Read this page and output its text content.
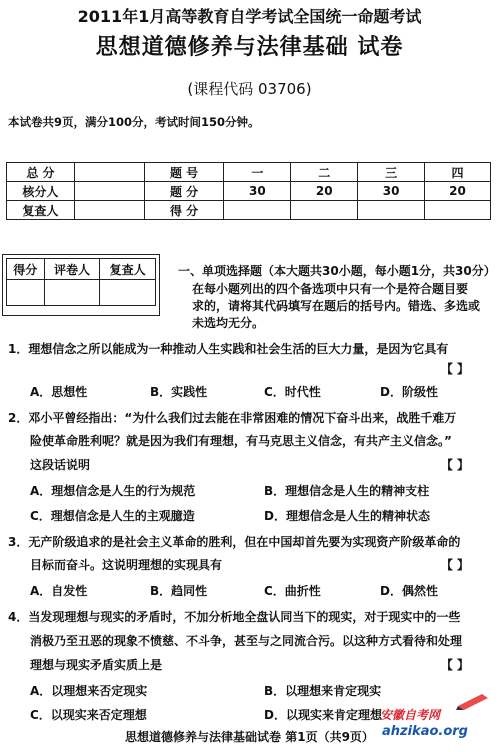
2011年1月高等教育自学考试全国统一命题考试
思想道德修养与法律基础 试卷
(课程代码 03706)
本试卷共9页，满分100分，考试时间150分钟。
总 分		题 号	一	二	三	四
核分人		题 分	30	20	30	20
复查人		得 分				
得分	评卷人	复查人
			一、单项选择题（本大题共30小题，每小题1分，共30分）
在每小题列出的四个备选项中只有一个是符合题目要
求的，请将其代码填写在题后的括号内。错选、多选或
未选均无分。
1．理想信念之所以能成为一种推动人生实践和社会生活的巨大力量，是因为它具有
【 】
A．思想性	B．实践性	C．时代性	D．阶级性
2．邓小平曾经指出：“为什么我们过去能在非常困难的情况下奋斗出来，战胜千难万
险使革命胜利呢？就是因为我们有理想，有马克思主义信念，有共产主义信念。”
这段话说明	【 】
A．理想信念是人生的行为规范	B．理想信念是人生的精神支柱
C．理想信念是人生的主观臆造	D．理想信念是人生的精神状态
3．无产阶级追求的是社会主义革命的胜利，但在中国却首先要为实现资产阶级革命的
目标而奋斗。这说明理想的实现具有	【 】
A．自发性	B．趋同性	C．曲折性	D．偶然性
4．当发现理想与现实的矛盾时，不加分析地全盘认同当下的现实，对于现实中的一些
消极乃至丑恶的现象不愤慈、不斗争，甚至与之同流合污。以这种方式看待和处理
理想与现实矛盾实质上是	【 】
A．以理想来否定现实	B．以理想来肯定现实
C．以现实来否定理想	D．以现实来肯定理想
思想道德修养与法律基础试卷 第1页（共9页）
安徽自考网
ahzikao.org
